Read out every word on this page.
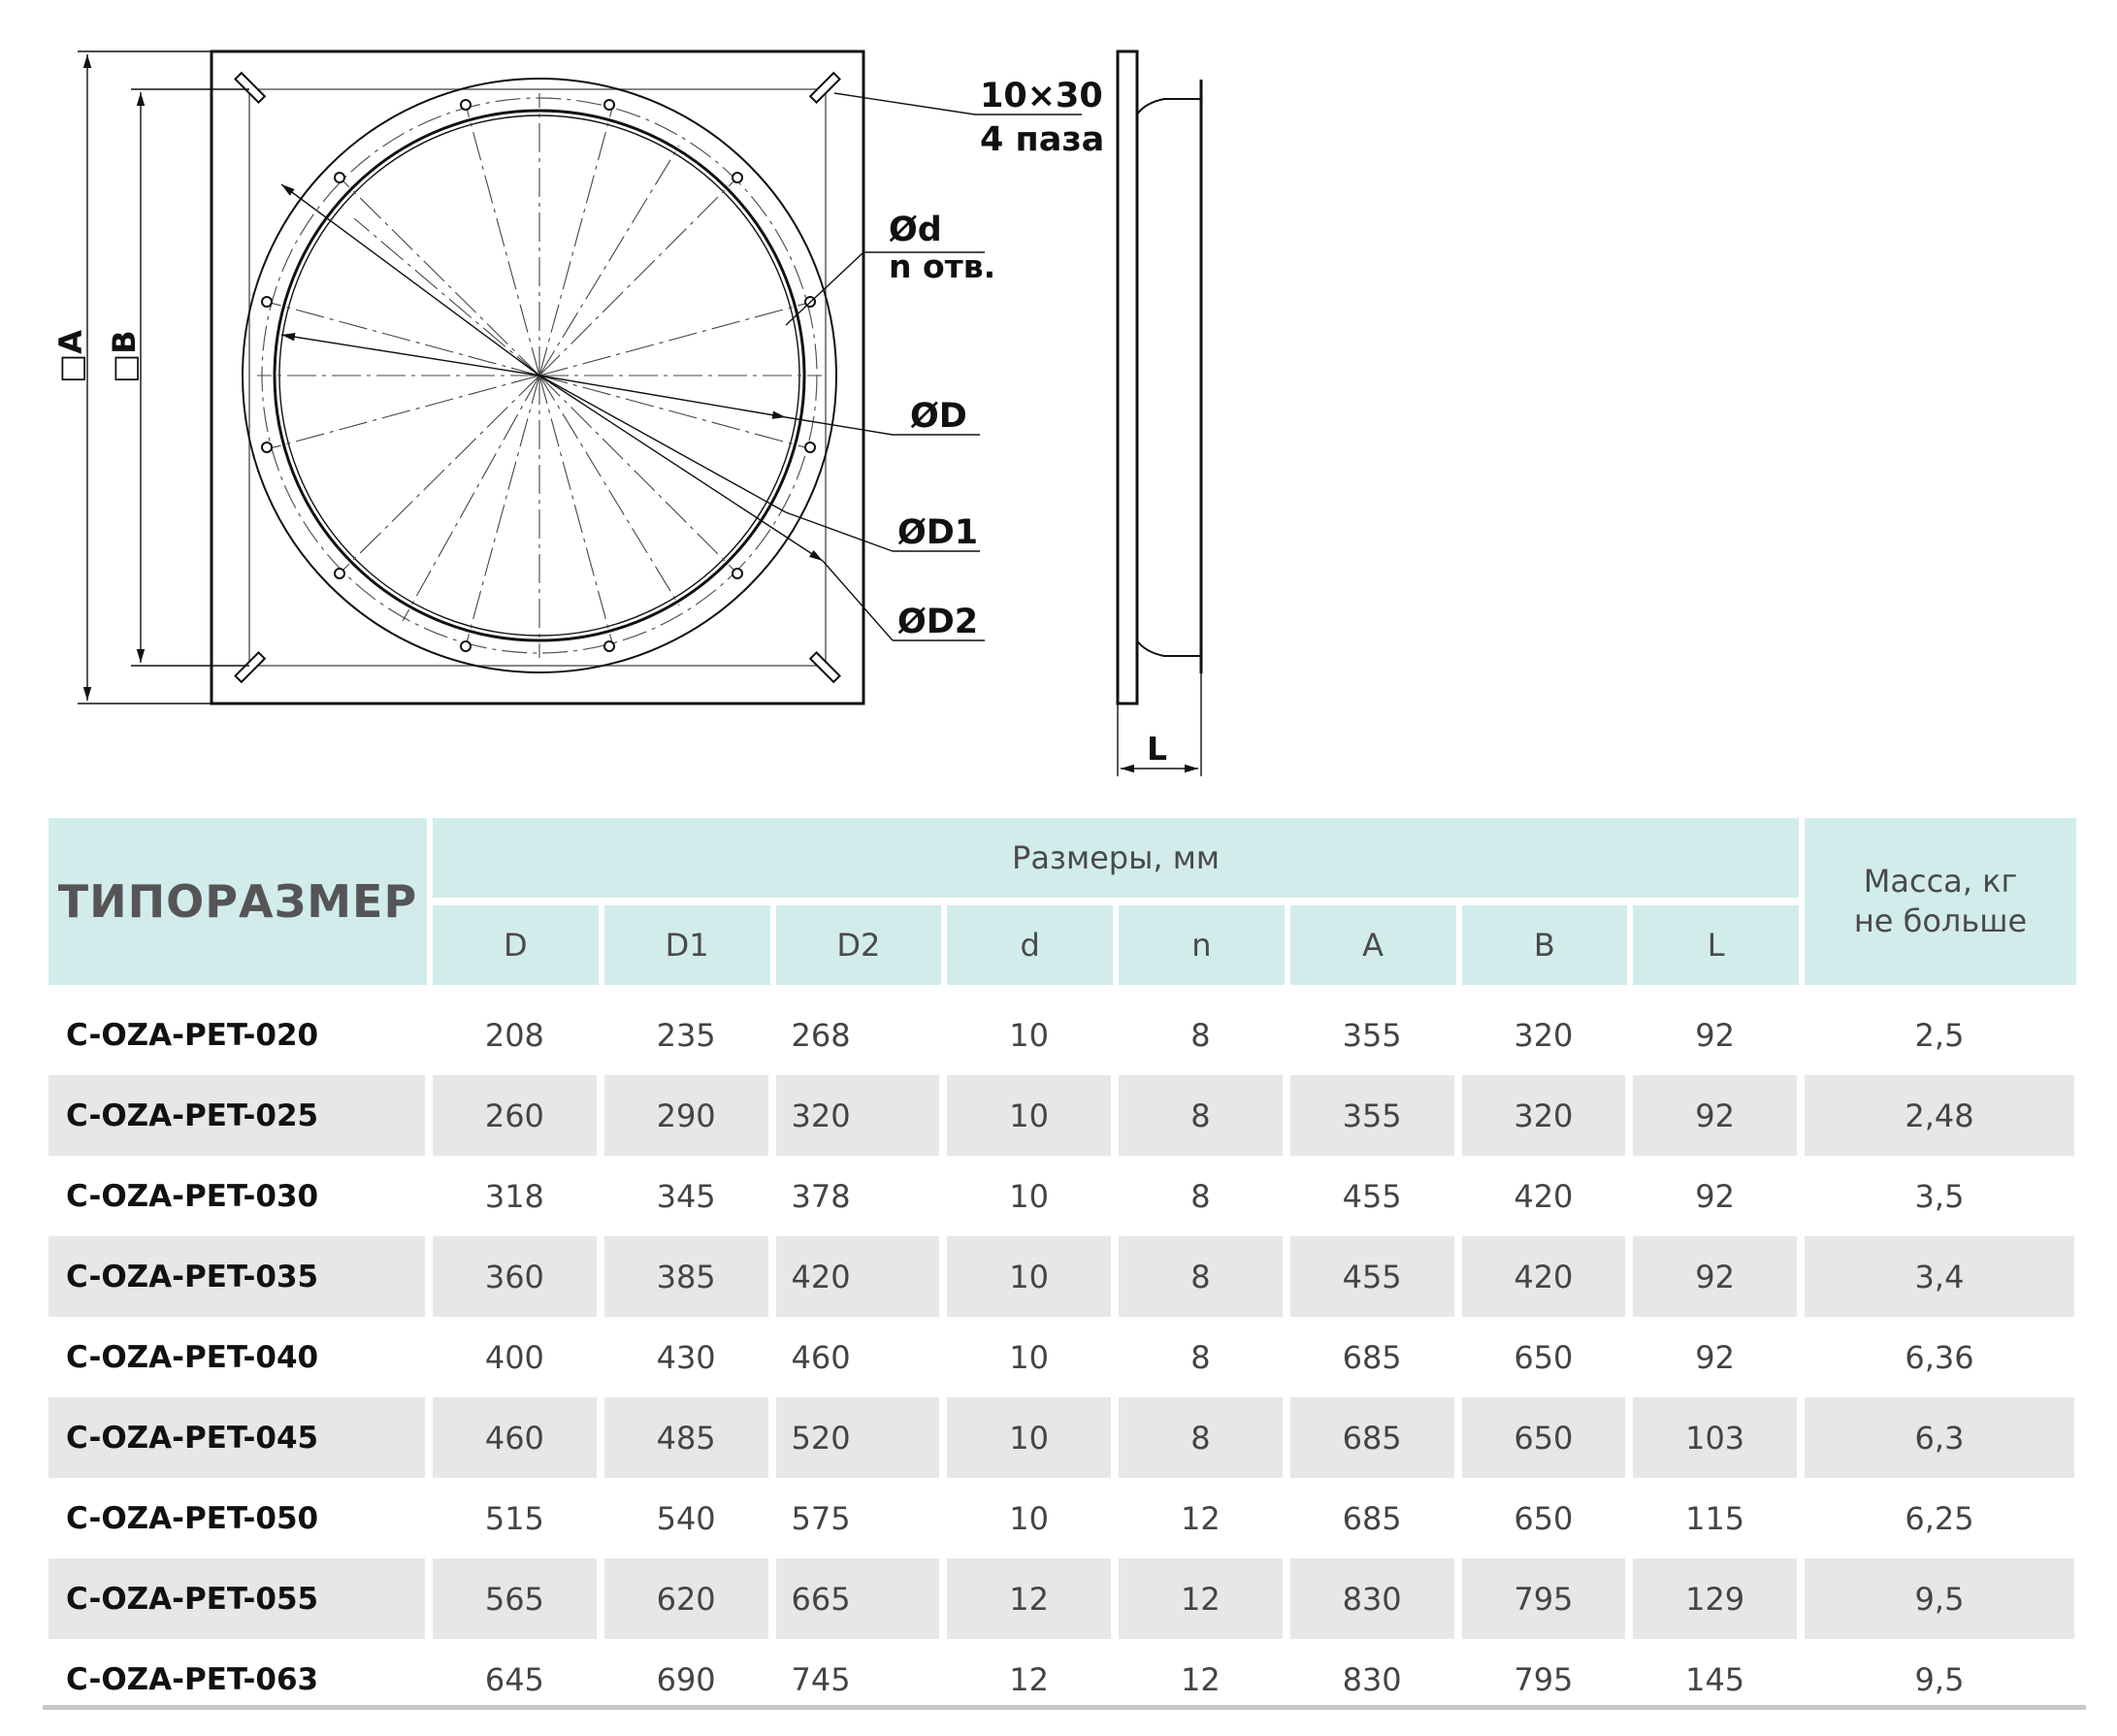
10×30
4 паза
Ød
n отв.
ØD
ØD1
ØD2
□A □B
L
ТИПОРАЗМЕР	Размеры, мм								Масса, кг
не больше
	D	D1	D2	d	n	A	B	L	
C-OZA-PET-020	208	235	268	10	8	355	320	92	2,5
C-OZA-PET-025	260	290	320	10	8	355	320	92	2,48
C-OZA-PET-030	318	345	378	10	8	455	420	92	3,5
C-OZA-PET-035	360	385	420	10	8	455	420	92	3,4
C-OZA-PET-040	400	430	460	10	8	685	650	92	6,36
C-OZA-PET-045	460	485	520	10	8	685	650	103	6,3
C-OZA-PET-050	515	540	575	10	12	685	650	115	6,25
C-OZA-PET-055	565	620	665	12	12	830	795	129	9,5
C-OZA-PET-063	645	690	745	12	12	830	795	145	9,5
